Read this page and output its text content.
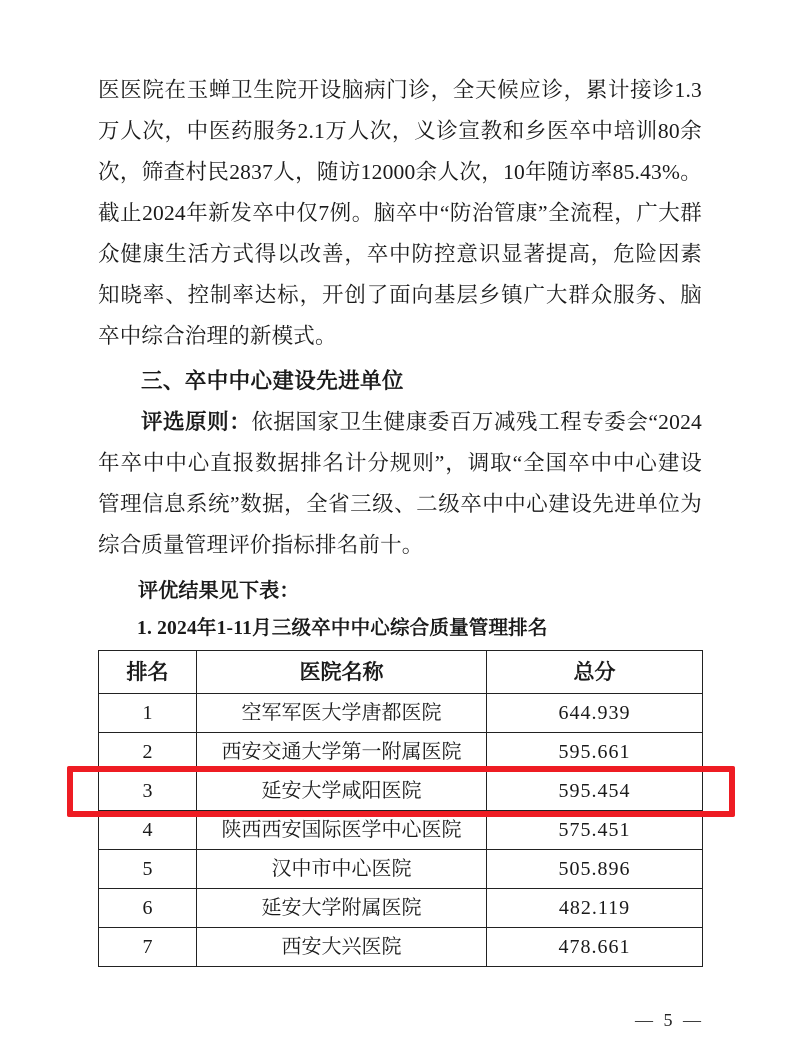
医医院在玉蝉卫生院开设脑病门诊，全天候应诊，累计接诊1.3万人次，中医药服务2.1万人次，义诊宣教和乡医卒中培训80余次，筛查村民2837人，随访12000余人次，10年随访率85.43%。截止2024年新发卒中仅7例。脑卒中“防治管康”全流程，广大群众健康生活方式得以改善，卒中防控意识显著提高，危险因素知晓率、控制率达标，开创了面向基层乡镇广大群众服务、脑卒中综合治理的新模式。

三、卒中中心建设先进单位

评选原则：依据国家卫生健康委百万减残工程专委会“2024年卒中中心直报数据排名计分规则”，调取“全国卒中中心建设管理信息系统”数据，全省三级、二级卒中中心建设先进单位为综合质量管理评价指标排名前十。

评优结果见下表：

1. 2024年1-11月三级卒中中心综合质量管理排名

排名	医院名称	总分
1	空军军医大学唐都医院	644.939
2	西安交通大学第一附属医院	595.661
3	延安大学咸阳医院	595.454
4	陕西西安国际医学中心医院	575.451
5	汉中市中心医院	505.896
6	延安大学附属医院	482.119
7	西安大兴医院	478.661
— 5 —
